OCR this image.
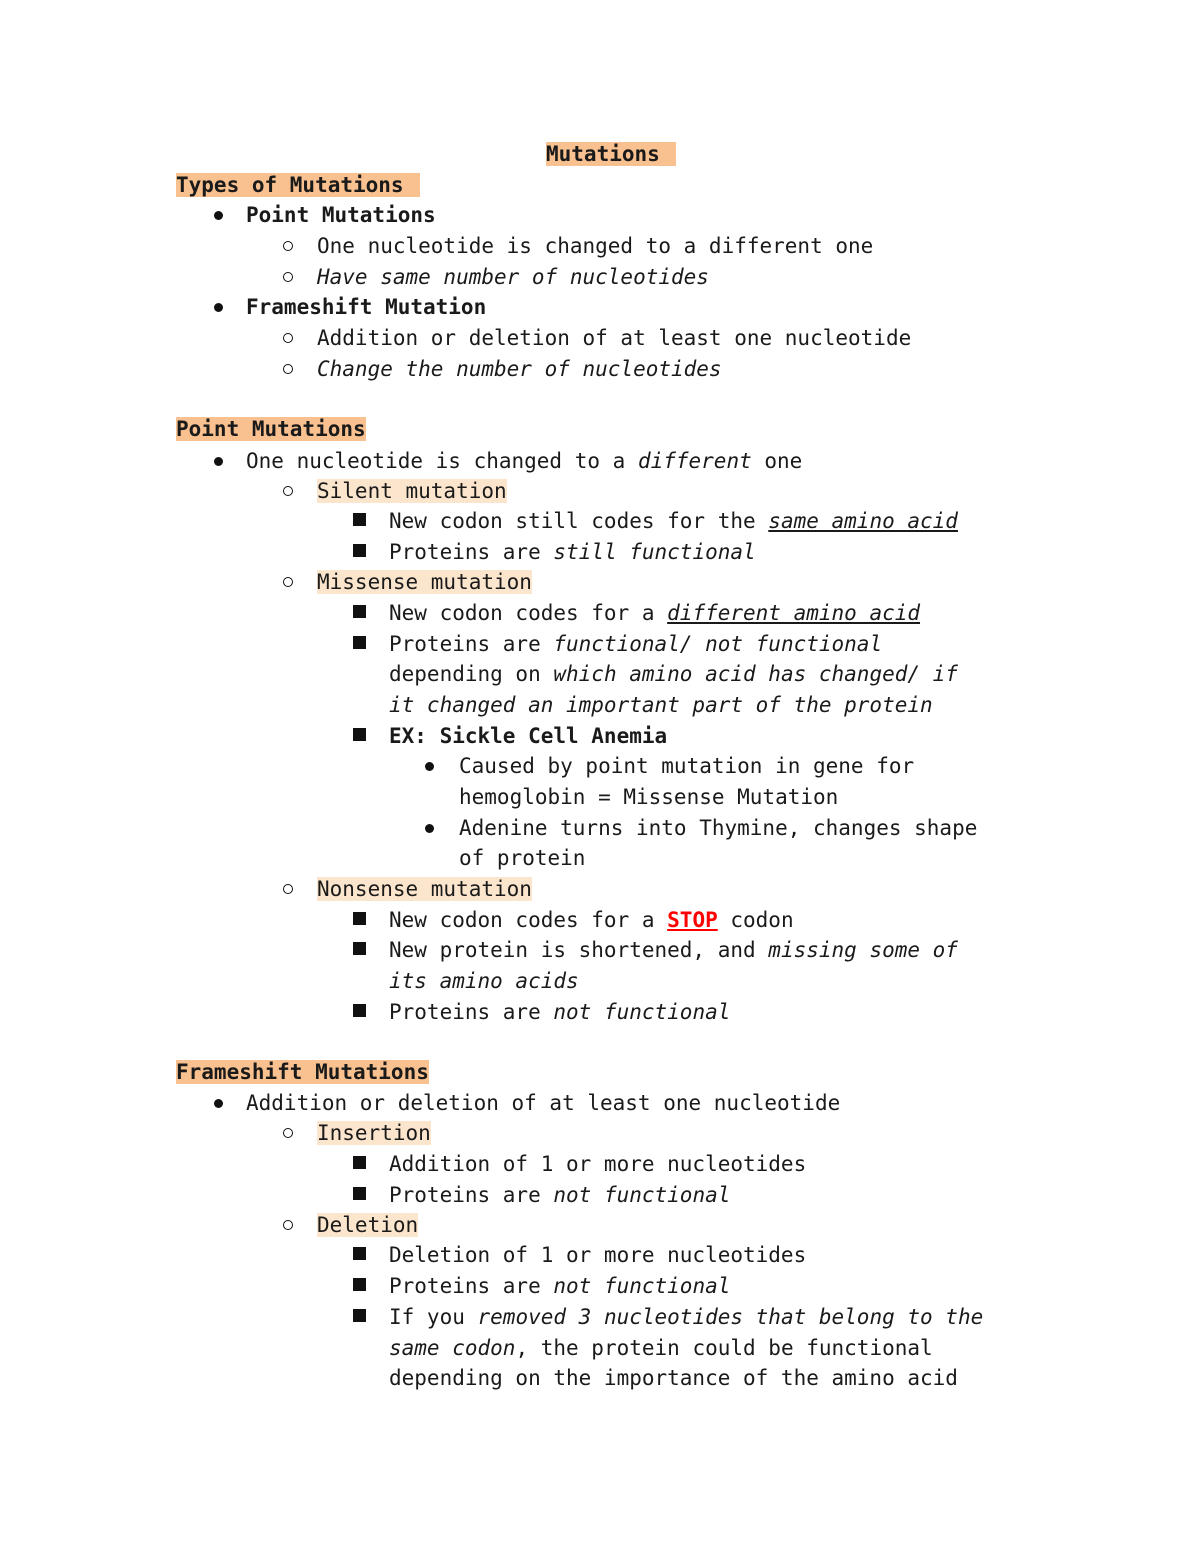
Mutations
Types of Mutations
Point Mutations
One nucleotide is changed to a different one
Have same number of nucleotides
Frameshift Mutation
Addition or deletion of at least one nucleotide
Change the number of nucleotides
Point Mutations
One nucleotide is changed to a different one
Silent mutation
New codon still codes for the same amino acid
Proteins are still functional
Missense mutation
New codon codes for a different amino acid
Proteins are functional/ not functional
depending on which amino acid has changed/ if
it changed an important part of the protein
EX: Sickle Cell Anemia
Caused by point mutation in gene for
hemoglobin = Missense Mutation
Adenine turns into Thymine, changes shape
of protein
Nonsense mutation
New codon codes for a STOP codon
New protein is shortened, and missing some of
its amino acids
Proteins are not functional
Frameshift Mutations
Addition or deletion of at least one nucleotide
Insertion
Addition of 1 or more nucleotides
Proteins are not functional
Deletion
Deletion of 1 or more nucleotides
Proteins are not functional
If you removed 3 nucleotides that belong to the
same codon, the protein could be functional
depending on the importance of the amino acid
